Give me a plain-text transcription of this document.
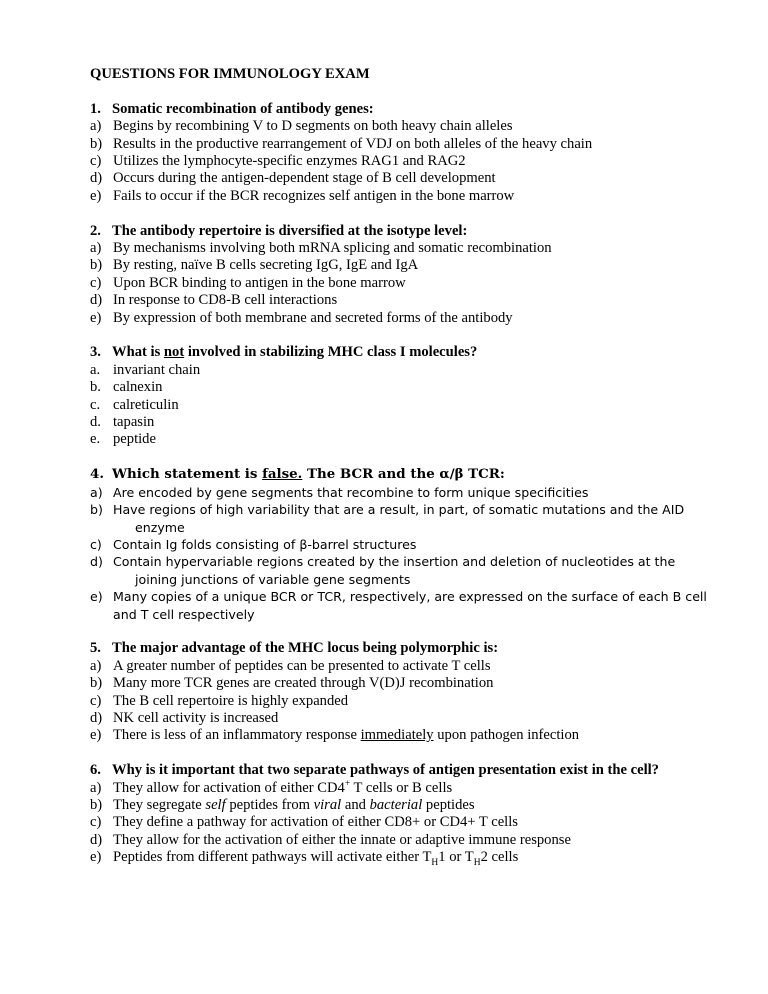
QUESTIONS FOR IMMUNOLOGY EXAM

1. Somatic recombination of antibody genes:
a) Begins by recombining V to D segments on both heavy chain alleles
b) Results in the productive rearrangement of VDJ on both alleles of the heavy chain
c) Utilizes the lymphocyte-specific enzymes RAG1 and RAG2
d) Occurs during the antigen-dependent stage of B cell development
e) Fails to occur if the BCR recognizes self antigen in the bone marrow
2. The antibody repertoire is diversified at the isotype level:
a) By mechanisms involving both mRNA splicing and somatic recombination
b) By resting, naïve B cells secreting IgG, IgE and IgA
c) Upon BCR binding to antigen in the bone marrow
d) In response to CD8-B cell interactions
e) By expression of both membrane and secreted forms of the antibody
3. What is not involved in stabilizing MHC class I molecules?
a. invariant chain
b. calnexin
c. calreticulin
d. tapasin
e. peptide
4. Which statement is false. The BCR and the α/β TCR:
a) Are encoded by gene segments that recombine to form unique specificities
b) Have regions of high variability that are a result, in part, of somatic mutations and the AID
enzyme
c) Contain Ig folds consisting of β-barrel structures
d) Contain hypervariable regions created by the insertion and deletion of nucleotides at the
joining junctions of variable gene segments
e) Many copies of a unique BCR or TCR, respectively, are expressed on the surface of each B cell
and T cell respectively
5. The major advantage of the MHC locus being polymorphic is:
a) A greater number of peptides can be presented to activate T cells
b) Many more TCR genes are created through V(D)J recombination
c) The B cell repertoire is highly expanded
d) NK cell activity is increased
e) There is less of an inflammatory response immediately upon pathogen infection
6. Why is it important that two separate pathways of antigen presentation exist in the cell?
a) They allow for activation of either CD4+ T cells or B cells
b) They segregate self peptides from viral and bacterial peptides
c) They define a pathway for activation of either CD8+ or CD4+ T cells
d) They allow for the activation of either the innate or adaptive immune response
e) Peptides from different pathways will activate either $T_H1$ or $T_H2$ cells
